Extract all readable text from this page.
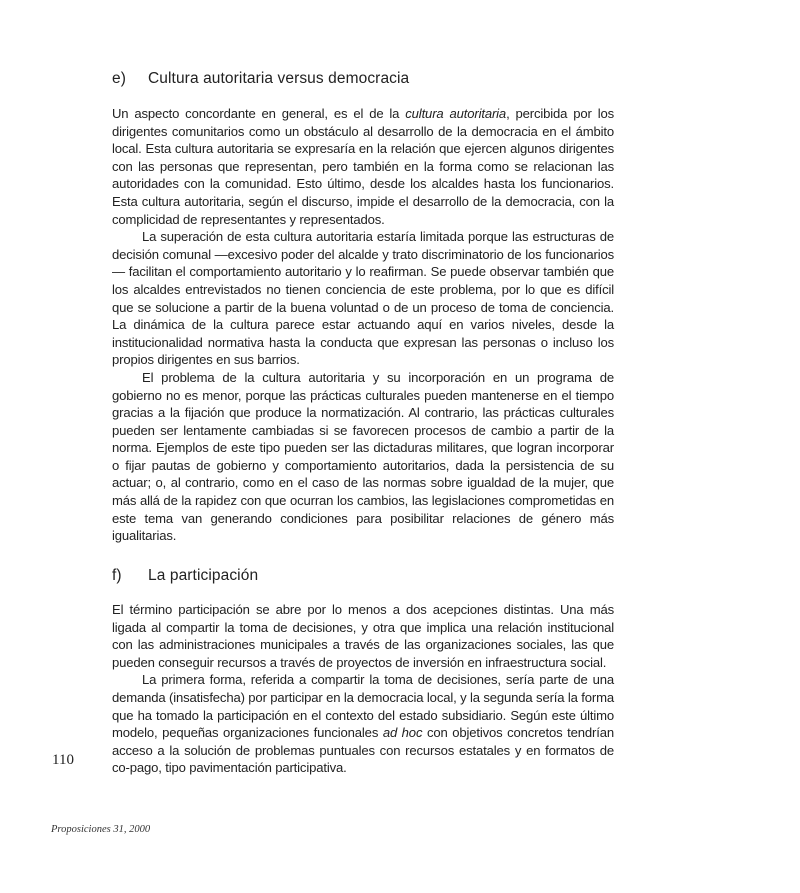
e) Cultura autoritaria versus democracia

Un aspecto concordante en general, es el de la cultura autoritaria, percibida por los dirigentes comunitarios como un obstáculo al desarrollo de la democracia en el ámbito local. Esta cultura autoritaria se expresaría en la relación que ejercen algunos dirigentes con las personas que representan, pero también en la forma como se relacionan las autoridades con la comunidad. Esto último, desde los alcaldes hasta los funcionarios. Esta cultura autoritaria, según el discurso, impide el desarrollo de la democracia, con la complicidad de representantes y representados.

La superación de esta cultura autoritaria estaría limitada porque las estructuras de decisión comunal —excesivo poder del alcalde y trato discriminatorio de los funcionarios— facilitan el comportamiento autoritario y lo reafirman. Se puede observar también que los alcaldes entrevistados no tienen conciencia de este problema, por lo que es difícil que se solucione a partir de la buena voluntad o de un proceso de toma de conciencia. La dinámica de la cultura parece estar actuando aquí en varios niveles, desde la institucionalidad normativa hasta la conducta que expresan las personas o incluso los propios dirigentes en sus barrios.

El problema de la cultura autoritaria y su incorporación en un programa de gobierno no es menor, porque las prácticas culturales pueden mantenerse en el tiempo gracias a la fijación que produce la normatización. Al contrario, las prácticas culturales pueden ser lentamente cambiadas si se favorecen procesos de cambio a partir de la norma. Ejemplos de este tipo pueden ser las dictaduras militares, que logran incorporar o fijar pautas de gobierno y comportamiento autoritarios, dada la persistencia de su actuar; o, al contrario, como en el caso de las normas sobre igualdad de la mujer, que más allá de la rapidez con que ocurran los cambios, las legislaciones comprometidas en este tema van generando condiciones para posibilitar relaciones de género más igualitarias.

f) La participación

El término participación se abre por lo menos a dos acepciones distintas. Una más ligada al compartir la toma de decisiones, y otra que implica una relación institucional con las administraciones municipales a través de las organizaciones sociales, las que pueden conseguir recursos a través de proyectos de inversión en infraestructura social.

La primera forma, referida a compartir la toma de decisiones, sería parte de una demanda (insatisfecha) por participar en la democracia local, y la segunda sería la forma que ha tomado la participación en el contexto del estado subsidiario. Según este último modelo, pequeñas organizaciones funcionales ad hoc con objetivos concretos tendrían acceso a la solución de problemas puntuales con recursos estatales y en formatos de co-pago, tipo pavimentación participativa.

110
Proposiciones 31, 2000
